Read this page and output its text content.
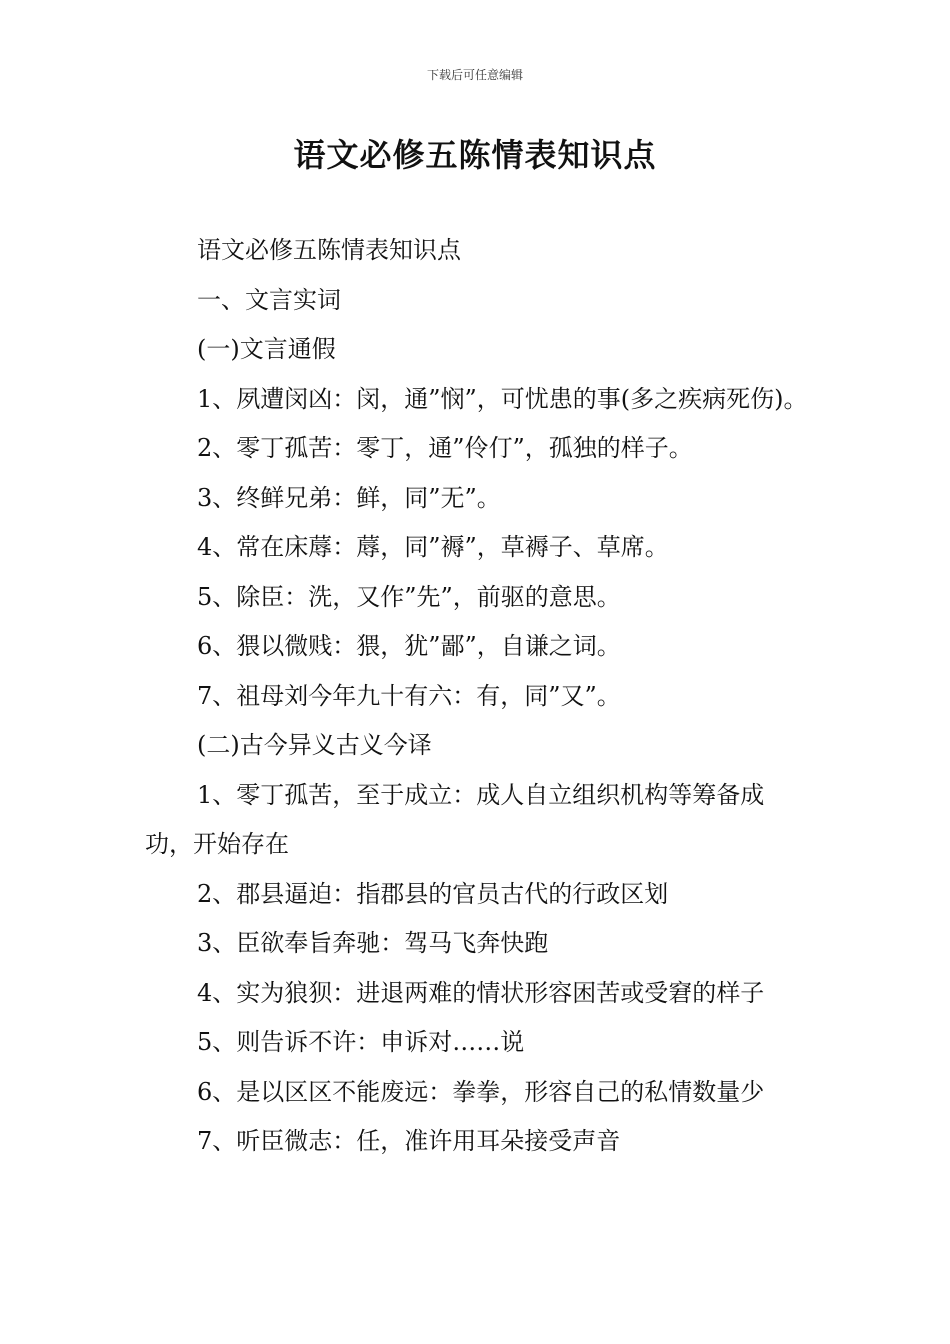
下载后可任意编辑
语文必修五陈情表知识点

语文必修五陈情表知识点

一、文言实词

(一)文言通假

1、夙遭闵凶：闵，通”悯”，可忧患的事(多之疾病死伤)。

2、零丁孤苦：零丁，通”伶仃”，孤独的样子。

3、终鲜兄弟：鲜，同”无”。

4、常在床蓐：蓐，同”褥”，草褥子、草席。

5、除臣：洗，又作”先”，前驱的意思。

6、猥以微贱：猥，犹”鄙”，自谦之词。

7、祖母刘今年九十有六：有，同”又”。

(二)古今异义古义今译

1、零丁孤苦，至于成立：成人自立组织机构等筹备成功，开始存在

2、郡县逼迫：指郡县的官员古代的行政区划

3、臣欲奉旨奔驰：驾马飞奔快跑

4、实为狼狈：进退两难的情状形容困苦或受窘的样子

5、则告诉不许：申诉对……说

6、是以区区不能废远：拳拳，形容自己的私情数量少

7、听臣微志：任，准许用耳朵接受声音
